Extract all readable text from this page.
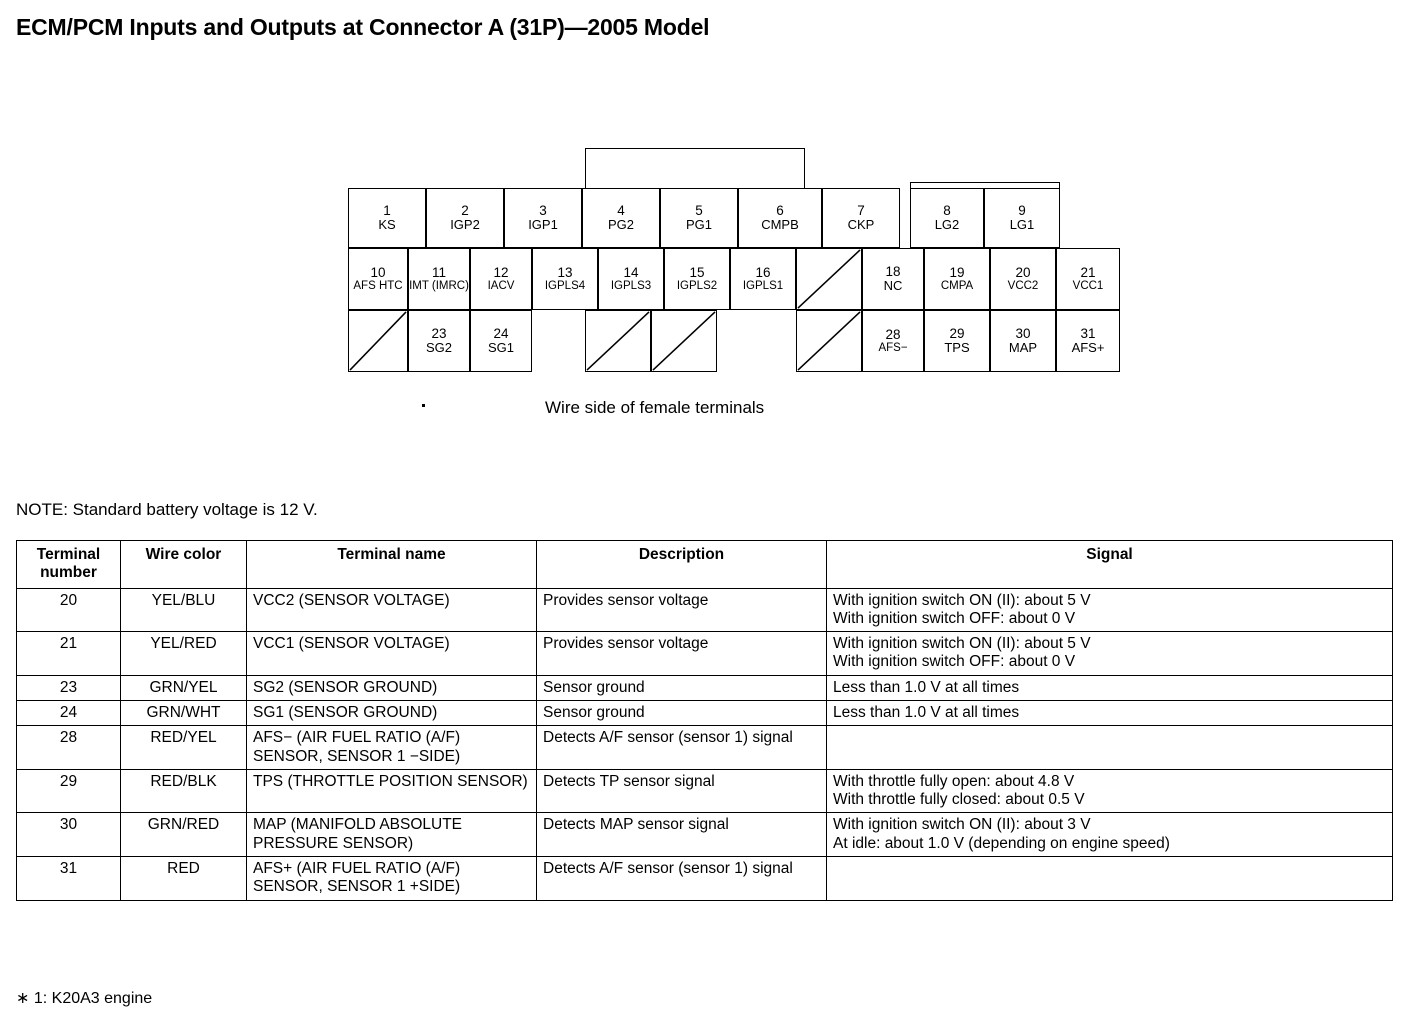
ECM/PCM Inputs and Outputs at Connector A (31P)—2005 Model
1
KS
2
IGP2
3
IGP1
4
PG2
5
PG1
6
CMPB
7
CKP
8
LG2
9
LG1
10
AFS HTC
11
IMT (IMRC)
12
IACV
13
IGPLS4
14
IGPLS3
15
IGPLS2
16
IGPLS1
18
NC
19
CMPA
20
VCC2
21
VCC1
23
SG2
24
SG1
28
AFS−
29
TPS
30
MAP
31
AFS+
Wire side of female terminals
NOTE: Standard battery voltage is 12 V.
Terminal number	Wire color	Terminal name	Description	Signal
20	YEL/BLU	VCC2 (SENSOR VOLTAGE)	Provides sensor voltage	With ignition switch ON (II): about 5 V
With ignition switch OFF: about 0 V

21	YEL/RED	VCC1 (SENSOR VOLTAGE)	Provides sensor voltage	With ignition switch ON (II): about 5 V
With ignition switch OFF: about 0 V

23	GRN/YEL	SG2 (SENSOR GROUND)	Sensor ground	Less than 1.0 V at all times

24	GRN/WHT	SG1 (SENSOR GROUND)	Sensor ground	Less than 1.0 V at all times

28	RED/YEL	AFS− (AIR FUEL RATIO (A/F) SENSOR, SENSOR 1 −SIDE)	Detects A/F sensor (sensor 1) signal	
29	RED/BLK	TPS (THROTTLE POSITION SENSOR)	Detects TP sensor signal	With throttle fully open: about 4.8 V
With throttle fully closed: about 0.5 V

30	GRN/RED	MAP (MANIFOLD ABSOLUTE PRESSURE SENSOR)	Detects MAP sensor signal	With ignition switch ON (II): about 3 V
At idle: about 1.0 V (depending on engine speed)

31	RED	AFS+ (AIR FUEL RATIO (A/F) SENSOR, SENSOR 1 +SIDE)	Detects A/F sensor (sensor 1) signal	
∗ 1: K20A3 engine
